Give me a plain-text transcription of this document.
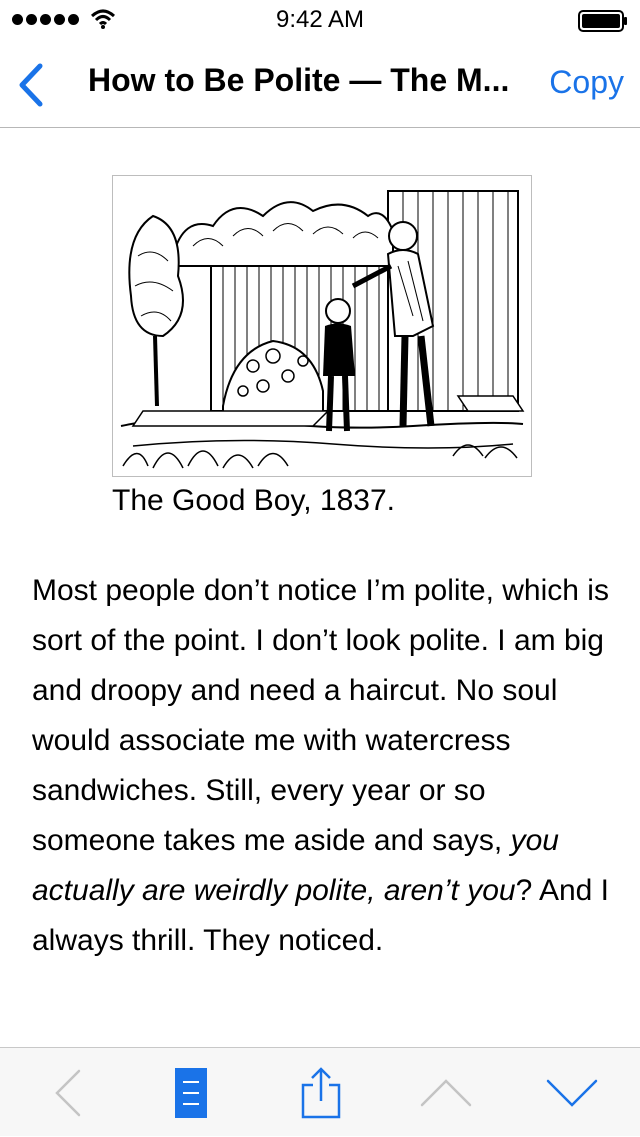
9:42 AM
How to Be Polite — The M...	Copy
The Good Boy, 1837.
Most people don’t notice I’m polite, which is sort of the point. I don’t look polite. I am big and droopy and need a haircut. No soul would associate me with watercress sandwiches. Still, every year or so someone takes me aside and says, you actually are weirdly polite, aren’t you? And I always thrill. They noticed.
